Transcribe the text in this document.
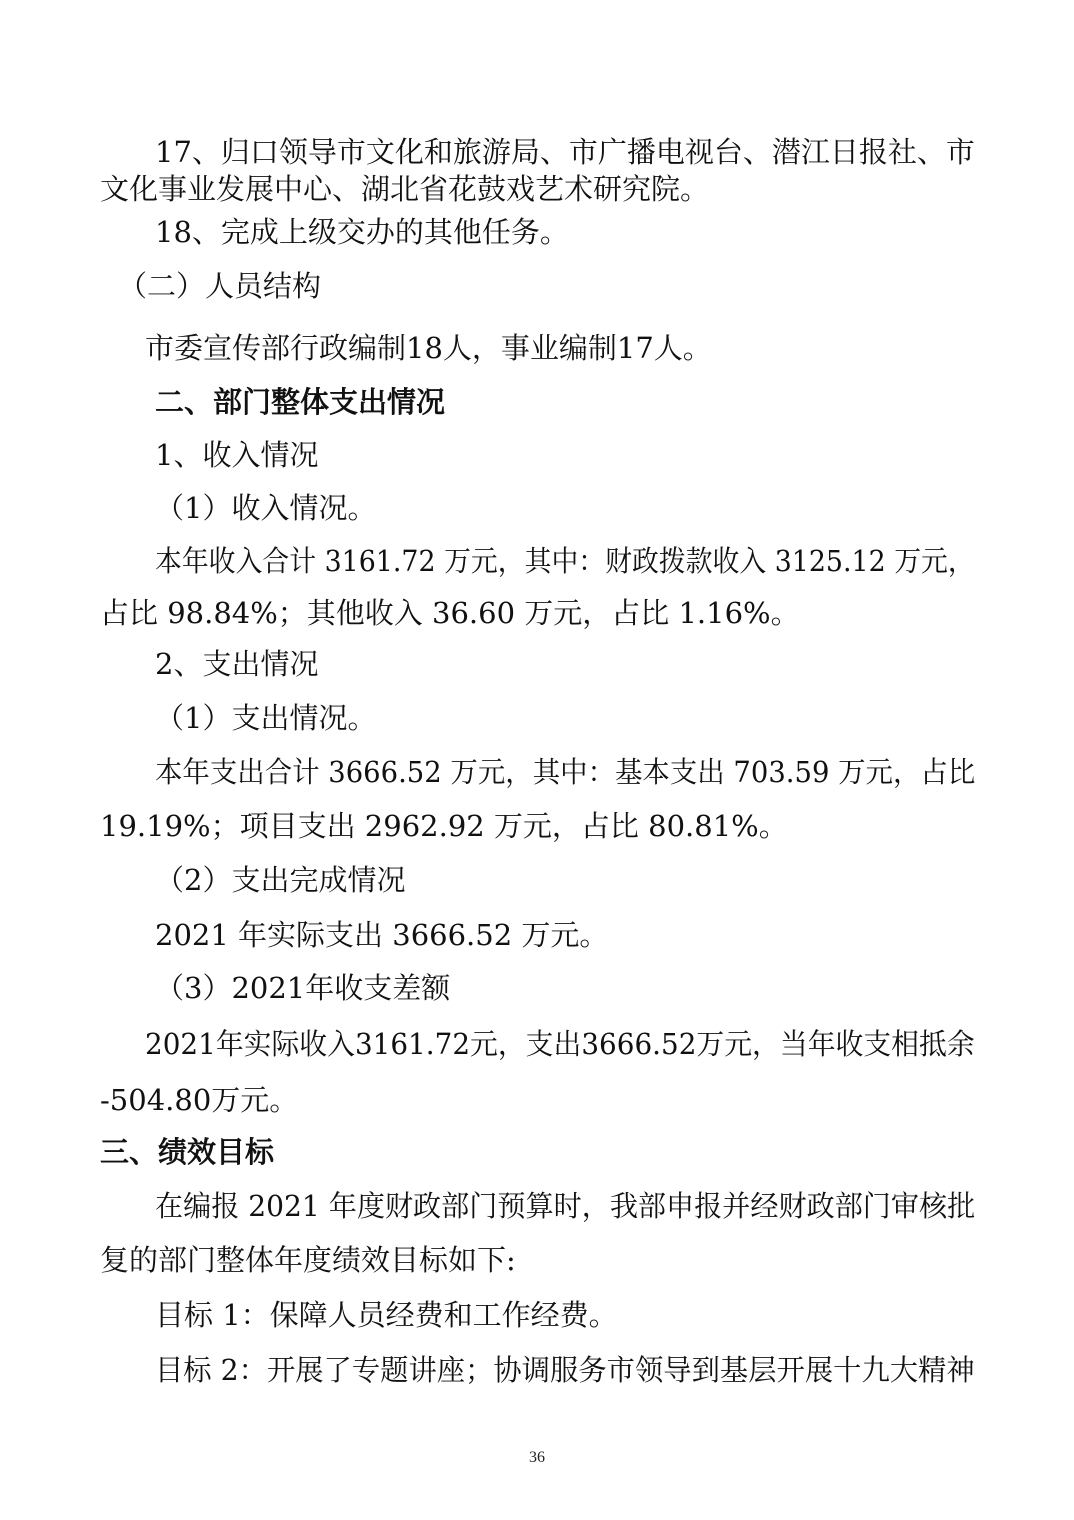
17、归口领导市文化和旅游局、市广播电视台、潜江日报社、市
文化事业发展中心、湖北省花鼓戏艺术研究院。
18、完成上级交办的其他任务。
（二）人员结构
市委宣传部行政编制18人，事业编制17人。
二、部门整体支出情况
1、收入情况
（1）收入情况。
本年收入合计 3161.72 万元，其中：财政拨款收入 3125.12 万元，
占比 98.84%；其他收入 36.60 万元，占比 1.16%。
2、支出情况
（1）支出情况。
本年支出合计 3666.52 万元，其中：基本支出 703.59 万元，占比
19.19%；项目支出 2962.92 万元，占比 80.81%。
（2）支出完成情况
2021 年实际支出 3666.52 万元。
（3）2021年收支差额
2021年实际收入3161.72元，支出3666.52万元，当年收支相抵余
-504.80万元。
三、绩效目标
在编报 2021 年度财政部门预算时，我部申报并经财政部门审核批
复的部门整体年度绩效目标如下:
目标 1：保障人员经费和工作经费。
目标 2：开展了专题讲座；协调服务市领导到基层开展十九大精神
36
